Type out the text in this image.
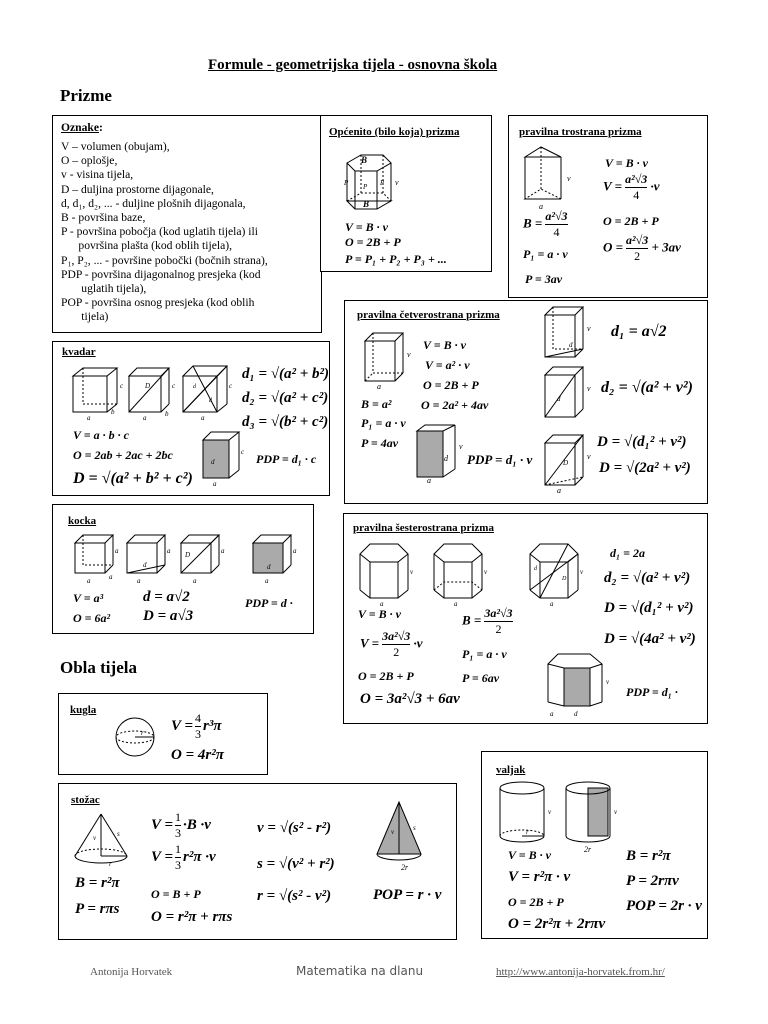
Formule - geometrijska tijela - osnovna škola
Prizme
Oznake:
V – volumen (obujam),
O – oplošje,
v - visina tijela,
D – duljina prostorne dijagonale,
d, d₁, d₂, ... - duljine plošnih dijagonala,
B - površina baze,
P - površina pobočja (kod uglatih tijela) ili
površina plašta (kod oblih tijela),
P₁, P₂, ... - površine pobočki (bočnih strana),
PDP - površina dijagonalnog presjeka (kod
uglatih tijela),
POP - površina osnog presjeka (kod oblih
tijela)
Općenito (bilo koja) prizma
B
P P P
B
v
V = B · v
O = 2B + P
P = P₁ + P₂ + P₃ + ...
pravilna trostrana prizma
v
a
V = B · v
$V = \frac{\text{a²√3}}{4} \cdot v$
$B = \frac{\text{a²√3}}{4}$	O = 2B + P
P₁ = a · v	$O = \frac{\text{a²√3}}{2} + 3av$
P = 3av
pravilna četverostrana prizma
v
a
V = B · v
V = a² · v
O = 2B + P
B = a² O = 2a² + 4av
P₁ = a · v
P = 4av
d
v
a
PDP = d₁ · v
d
v d₁ = a√2
d
v d₂ = √(a² + v²)
D
v
a
D = √(d₁² + v²)
D = √(2a² + v²)
kvadar
a
b
c	D
a	b
c	d
d
a
c
d₁ = √(a² + b²)
d₂ = √(a² + c²)
d₃ = √(b² + c²)
V = a · b · c
O = 2ab + 2ac + 2bc
D = √(a² + b² + c²)
d
c
a
PDP = d₁ · c
kocka
a
a	a
d
a
a
D	a
a
a
a
d
V = a³
O = 6a²
d = a√2
D = a√3
PDP = d ·
pravilna šesterostrana prizma
v
a
v
a
d
D
v
a
d₁ = 2a
d₂ = √(a² + v²)
V = B · v	$B = \frac{\text{3a²√3}}{2}$	D = √(d₁² + v²)
$V = \frac{\text{3a²√3}}{2} \cdot v$
P₁ = a · v
D = √(4a² + v²)
O = 2B + P	P = 6av
O = 3a²√3 + 6av
v
a	d
PDP = d₁ ·
Obla tijela
kugla
r $V = \frac{4}{3} r^3\pi$
O = 4r²π
valjak
v
r
v
2r
V = B · v
V = r²π · v
O = 2B + P
O = 2r²π + 2rπv
B = r²π
P = 2rπv
POP = 2r · v
stožac
v	s
r
B = r²π
P = rπs
$V = \frac{1}{3} \cdot B \cdot v$
$V = \frac{1}{3} r^2\pi \cdot v$
O = B + P
O = r²π + rπs
v = √(s² - r²)
s = √(v² + r²)
r = √(s² - v²)
v	s
2r
POP = r · v
Antonija Horvatek	Matematika na dlanu	http://www.antonija-horvatek.from.hr/
